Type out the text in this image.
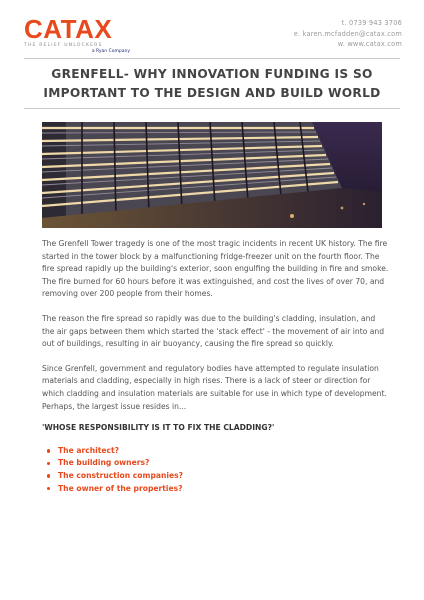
CATAX
THE RELIEF UNLOCKERS
a Ryan Company
t. 0739 943 3706
e. karen.mcfadden@catax.com
w. www.catax.com
GRENFELL- WHY INNOVATION FUNDING IS SO IMPORTANT TO THE DESIGN AND BUILD WORLD

The Grenfell Tower tragedy is one of the most tragic incidents in recent UK history. The fire started in the tower block by a malfunctioning fridge-freezer unit on the fourth floor. The fire spread rapidly up the building's exterior, soon engulfing the building in fire and smoke. The fire burned for 60 hours before it was extinguished, and cost the lives of over 70, and removing over 200 people from their homes.

The reason the fire spread so rapidly was due to the building's cladding, insulation, and the air gaps between them which started the 'stack effect' - the movement of air into and out of buildings, resulting in air buoyancy, causing the fire spread so quickly.

Since Grenfell, government and regulatory bodies have attempted to regulate insulation materials and cladding, especially in high rises. There is a lack of steer or direction for which cladding and insulation materials are suitable for use in which type of development. Perhaps, the largest issue resides in...

'WHOSE RESPONSIBILITY IS IT TO FIX THE CLADDING?'
The architect?
The building owners?
The construction companies?
The owner of the properties?
